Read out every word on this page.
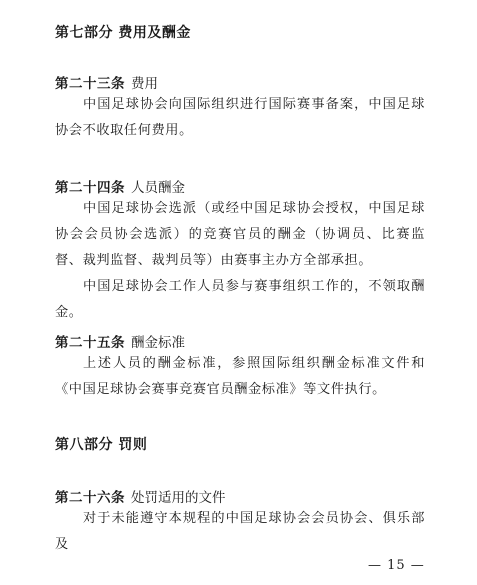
第七部分 费用及酬金
第二十三条 费用
中国足球协会向国际组织进行国际赛事备案，中国足球协会不收取任何费用。
第二十四条 人员酬金
中国足球协会选派（或经中国足球协会授权，中国足球协会会员协会选派）的竞赛官员的酬金（协调员、比赛监督、裁判监督、裁判员等）由赛事主办方全部承担。
中国足球协会工作人员参与赛事组织工作的，不领取酬金。
第二十五条 酬金标准
上述人员的酬金标准，参照国际组织酬金标准文件和《中国足球协会赛事竞赛官员酬金标准》等文件执行。
第八部分 罚则
第二十六条 处罚适用的文件
对于未能遵守本规程的中国足球协会会员协会、俱乐部及
— 15 —
